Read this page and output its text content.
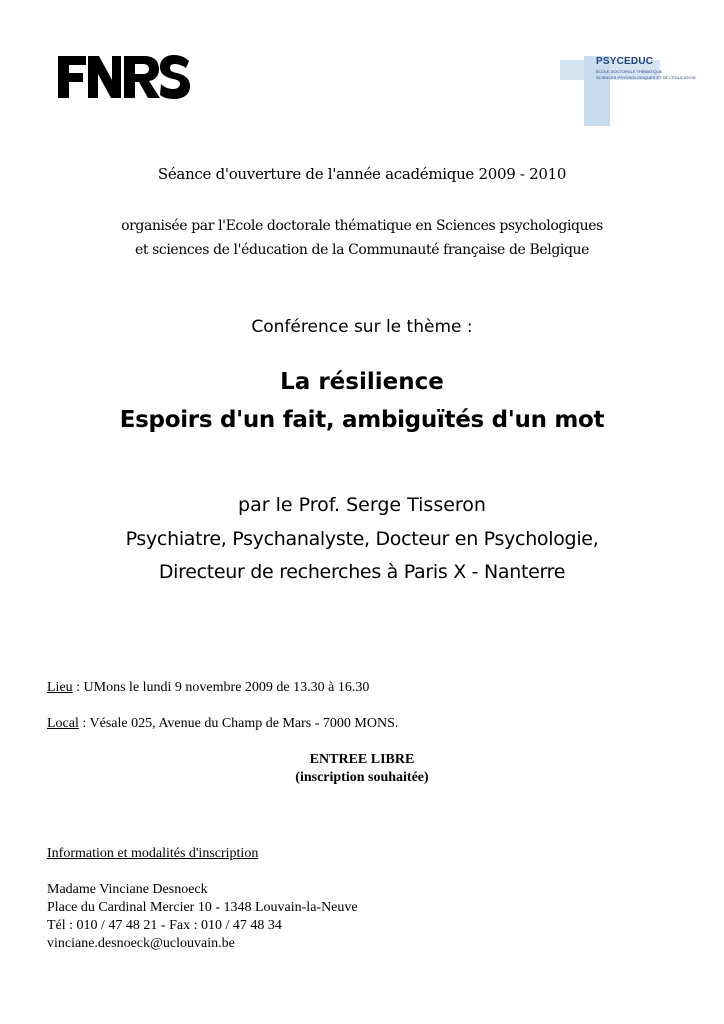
PSYCEDUC
ÉCOLE DOCTORALE THÉMATIQUE
SCIENCES PSYCHOLOGIQUES ET DE L'ÉDUCATION
Séance d'ouverture de l'année académique 2009 - 2010
organisée par l'Ecole doctorale thématique en Sciences psychologiques
et sciences de l'éducation de la Communauté française de Belgique
Conférence sur le thème :
La résilience
Espoirs d'un fait, ambiguïtés d'un mot
par le Prof. Serge Tisseron
Psychiatre, Psychanalyste, Docteur en Psychologie,
Directeur de recherches à Paris X - Nanterre
Lieu : UMons le lundi 9 novembre 2009 de 13.30 à 16.30
Local : Vésale 025, Avenue du Champ de Mars - 7000 MONS.
ENTREE LIBRE
(inscription souhaitée)
Information et modalités d'inscription
Madame Vinciane Desnoeck
Place du Cardinal Mercier 10 - 1348 Louvain-la-Neuve
Tél : 010 / 47 48 21 - Fax : 010 / 47 48 34
vinciane.desnoeck@uclouvain.be
